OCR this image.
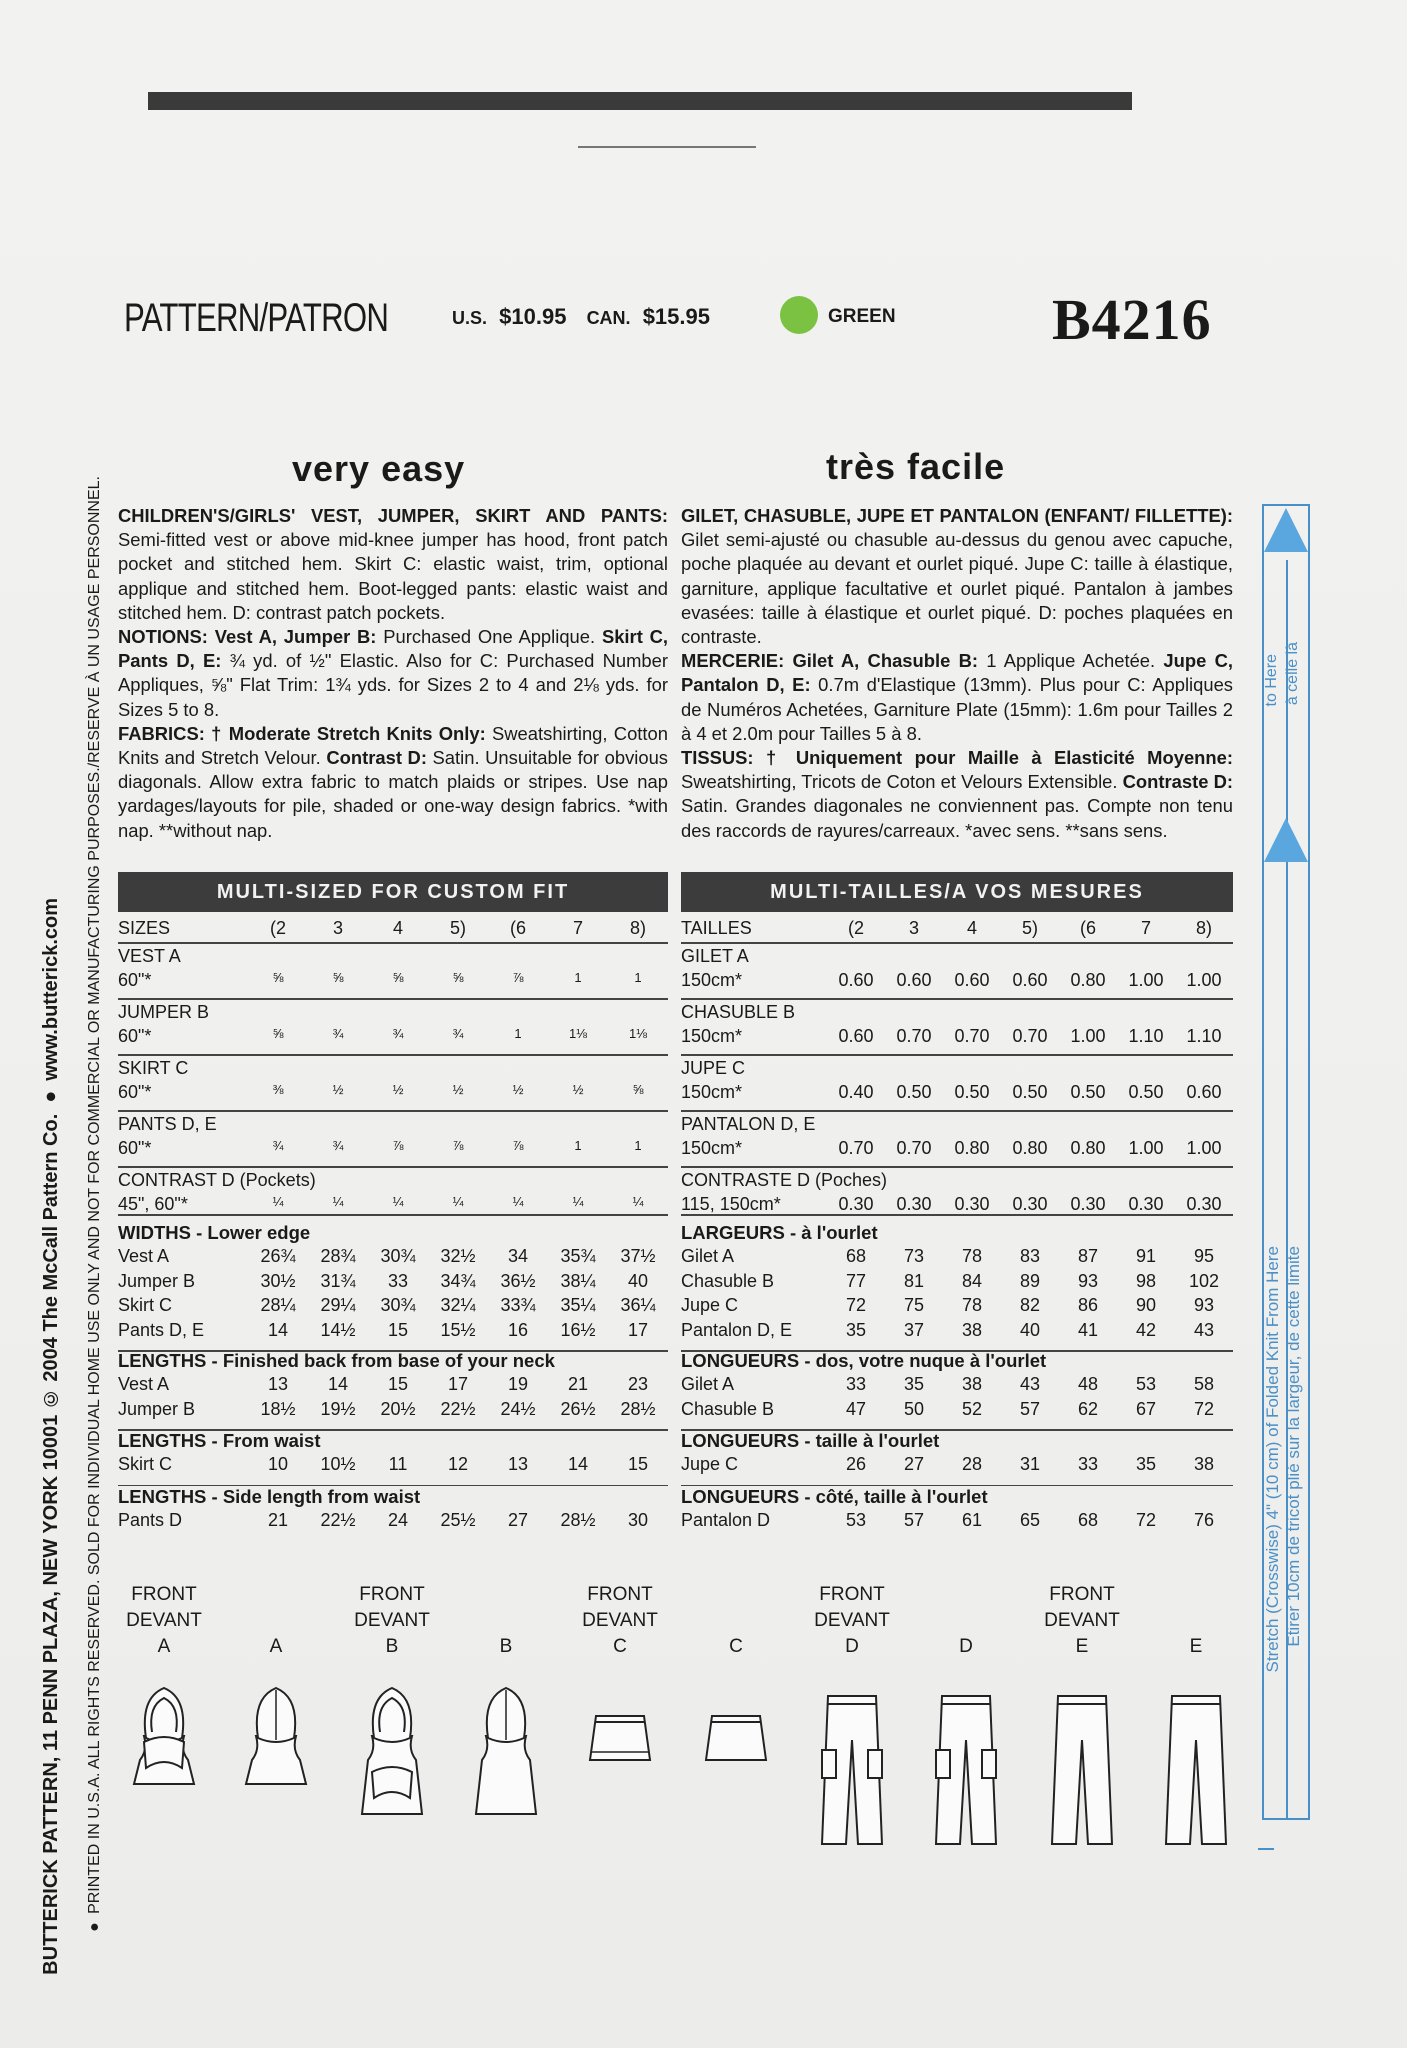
PATTERN/PATRON	U.S. $10.95 CAN. $15.95	GREEN	B4216
very easy	très facile
CHILDREN'S/GIRLS' VEST, JUMPER, SKIRT AND PANTS: Semi-fitted vest or above mid-knee jumper has hood, front patch pocket and stitched hem. Skirt C: elastic waist, trim, optional applique and stitched hem. Boot-legged pants: elastic waist and stitched hem. D: contrast patch pockets.
NOTIONS: Vest A, Jumper B: Purchased One Applique. Skirt C, Pants D, E: ¾ yd. of ½" Elastic. Also for C: Purchased Number Appliques, ⅝" Flat Trim: 1¾ yds. for Sizes 2 to 4 and 2⅛ yds. for Sizes 5 to 8.
FABRICS: † Moderate Stretch Knits Only: Sweatshirting, Cotton Knits and Stretch Velour. Contrast D: Satin. Unsuitable for obvious diagonals. Allow extra fabric to match plaids or stripes. Use nap yardages/layouts for pile, shaded or one-way design fabrics. *with nap. **without nap.
GILET, CHASUBLE, JUPE ET PANTALON (ENFANT/ FILLETTE): Gilet semi-ajusté ou chasuble au-dessus du genou avec capuche, poche plaquée au devant et ourlet piqué. Jupe C: taille à élastique, garniture, applique facultative et ourlet piqué. Pantalon à jambes evasées: taille à élastique et ourlet piqué. D: poches plaquées en contraste.
MERCERIE: Gilet A, Chasuble B: 1 Applique Achetée. Jupe C, Pantalon D, E: 0.7m d'Elastique (13mm). Plus pour C: Appliques de Numéros Achetées, Garniture Plate (15mm): 1.6m pour Tailles 2 à 4 et 2.0m pour Tailles 5 à 8.
TISSUS: † Uniquement pour Maille à Elasticité Moyenne: Sweatshirting, Tricots de Coton et Velours Extensible. Contraste D: Satin. Grandes diagonales ne conviennent pas. Compte non tenu des raccords de rayures/carreaux. *avec sens. **sans sens.
MULTI-SIZED FOR CUSTOM FIT	MULTI-TAILLES/A VOS MESURES
SIZES	(2	3	4	5)	(6	7	8)
VEST A
60"*	⅝	⅝	⅝	⅝	⅞	1	1
JUMPER B
60"*	⅝	¾	¾	¾	1	1⅛	1⅛
SKIRT C
60"*	⅜	½	½	½	½	½	⅝
PANTS D, E
60"*	¾	¾	⅞	⅞	⅞	1	1
CONTRAST D (Pockets)
45", 60"*	¼	¼	¼	¼	¼	¼	¼
WIDTHS - Lower edge
Vest A	26¾	28¾	30¾	32½	34	35¾	37½
Jumper B	30½	31¾	33	34¾	36½	38¼	40
Skirt C	28¼	29¼	30¾	32¼	33¾	35¼	36¼
Pants D, E	14	14½	15	15½	16	16½	17
LENGTHS - Finished back from base of your neck
Vest A	13	14	15	17	19	21	23
Jumper B	18½	19½	20½	22½	24½	26½	28½
LENGTHS - From waist
Skirt C	10	10½	11	12	13	14	15
LENGTHS - Side length from waist
Pants D	21	22½	24	25½	27	28½	30
TAILLES	(2	3	4	5)	(6	7	8)
GILET A
150cm*	0.60	0.60	0.60	0.60	0.80	1.00	1.00
CHASUBLE B
150cm*	0.60	0.70	0.70	0.70	1.00	1.10	1.10
JUPE C
150cm*	0.40	0.50	0.50	0.50	0.50	0.50	0.60
PANTALON D, E
150cm*	0.70	0.70	0.80	0.80	0.80	1.00	1.00
CONTRASTE D (Poches)
115, 150cm*	0.30	0.30	0.30	0.30	0.30	0.30	0.30
LARGEURS - à l'ourlet
Gilet A	68	73	78	83	87	91	95
Chasuble B	77	81	84	89	93	98	102
Jupe C	72	75	78	82	86	90	93
Pantalon D, E	35	37	38	40	41	42	43
LONGUEURS - dos, votre nuque à l'ourlet
Gilet A	33	35	38	43	48	53	58
Chasuble B	47	50	52	57	62	67	72
LONGUEURS - taille à l'ourlet
Jupe C	26	27	28	31	33	35	38
LONGUEURS - côté, taille à l'ourlet
Pantalon D	53	57	61	65	68	72	76
to Here à celle là
Stretch (Crosswise) 4" (10 cm) of Folded Knit From Here Etirer 10cm de tricot plié sur la largeur, de cette limite
BUTTERICK PATTERN, 11 PENN PLAZA, NEW YORK 10001 © 2004 The McCall Pattern Co. ● www.butterick.com ● PRINTED IN U.S.A. ALL RIGHTS RESERVED. SOLD FOR INDIVIDUAL HOME USE ONLY AND NOT FOR COMMERCIAL OR MANUFACTURING PURPOSES./RESERVE À UN USAGE PERSONNEL.	FRONT
DEVANT
A	A
FRONT
DEVANT
B	B
FRONT
DEVANT
C	C
FRONT
DEVANT
D	D
FRONT
DEVANT
E	E
